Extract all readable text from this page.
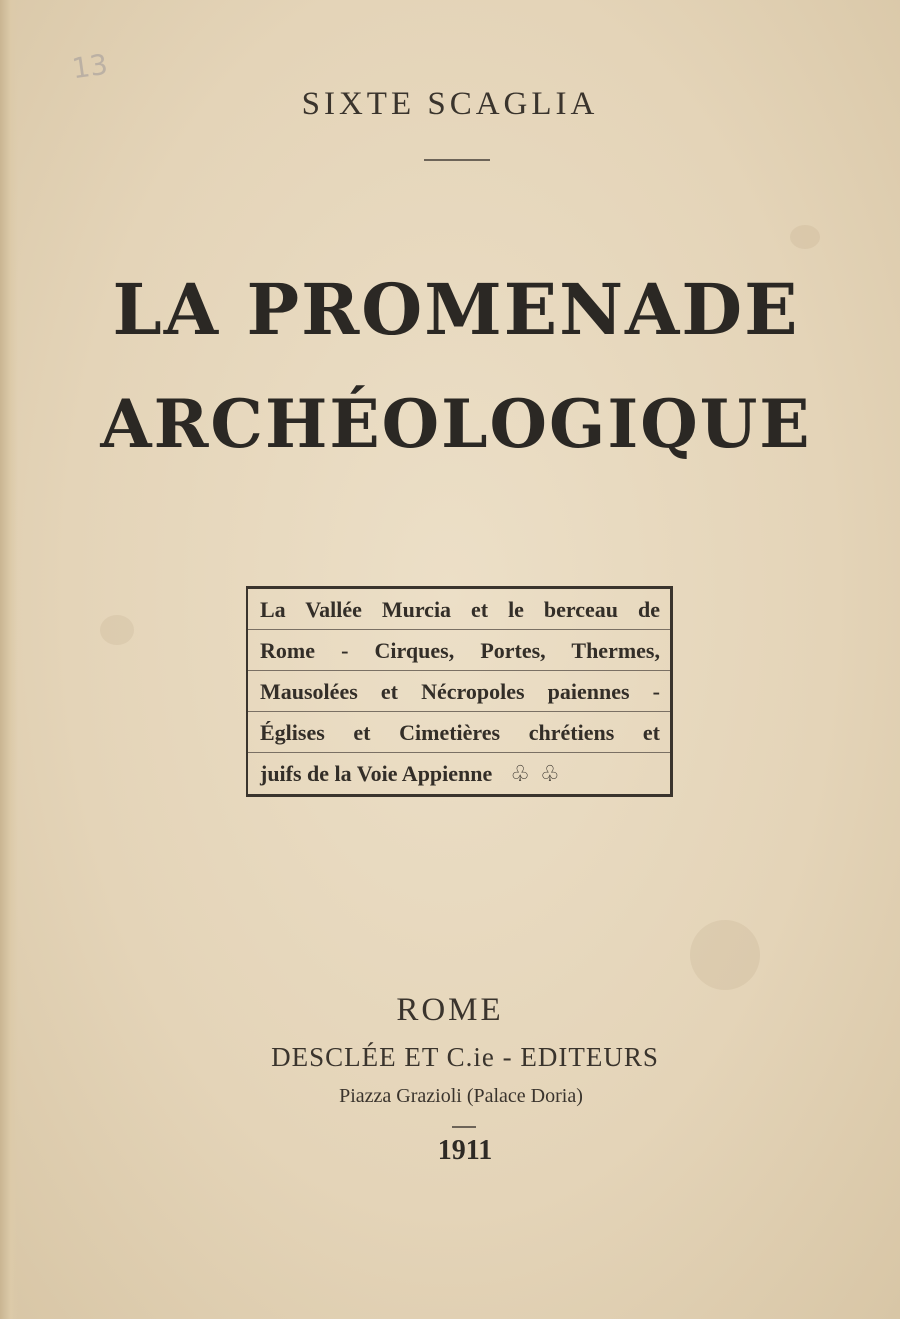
13
SIXTE SCAGLIA
LA PROMENADE
ARCHÉOLOGIQUE
La Vallée Murcia et le berceau de
Rome - Cirques, Portes, Thermes,
Mausolées et Nécropoles paiennes -
Églises et Cimetières chrétiens et
juifs de la Voie Appienne ♧♧
ROME
DESCLÉE ET C.ie - EDITEURS
Piazza Grazioli (Palace Doria)
1911
